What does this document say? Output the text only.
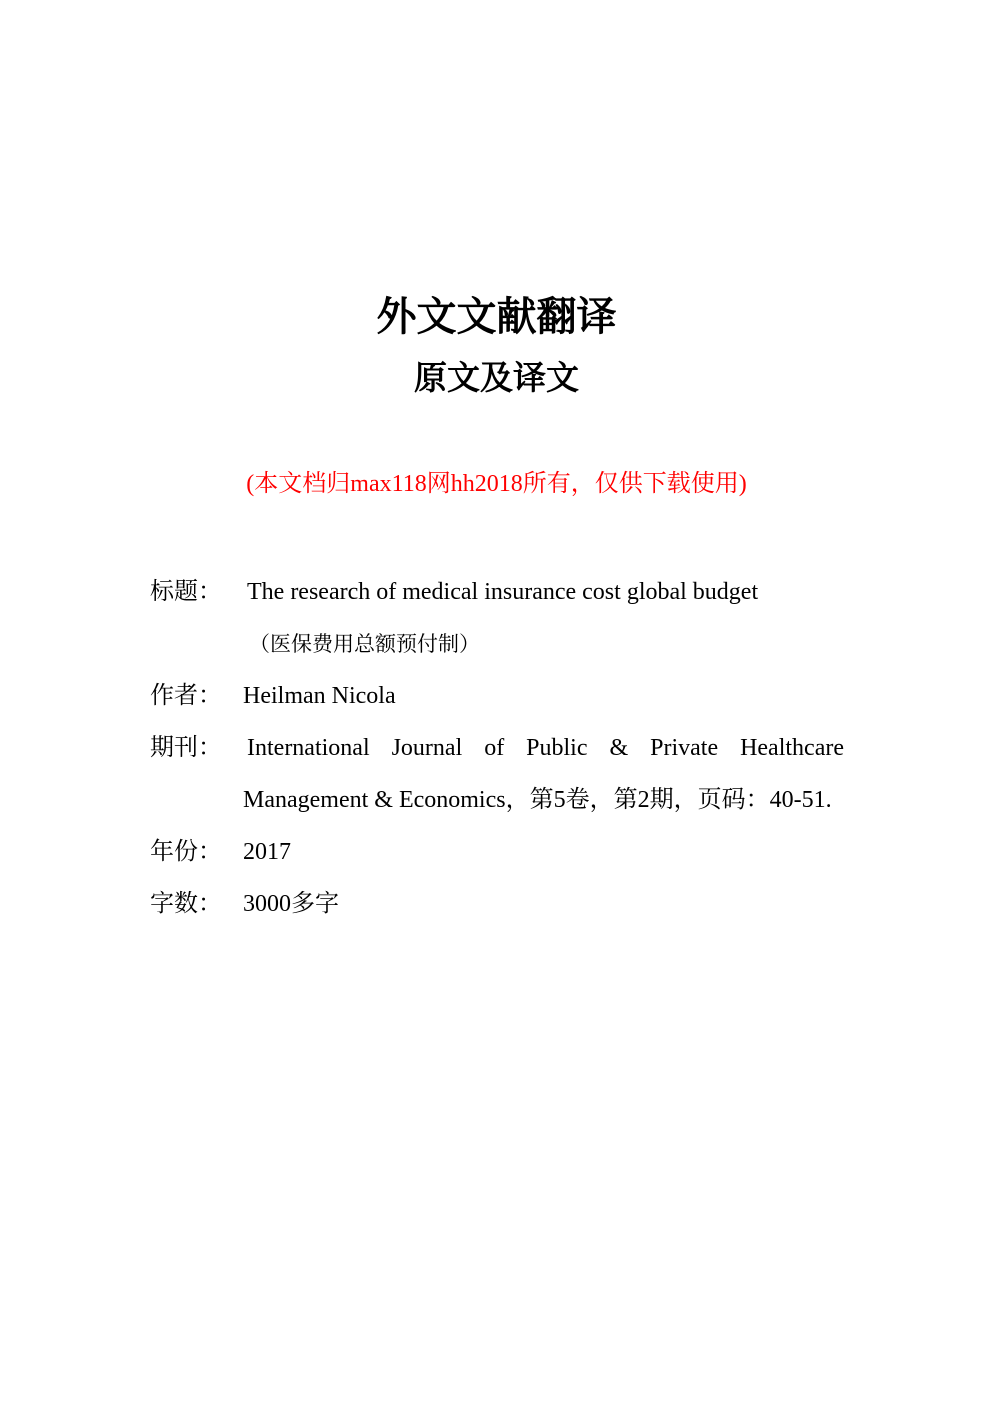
外文文献翻译
原文及译文

(本文档归max118网hh2018所有，仅供下载使用)

标题：	The research of medical insurance cost global budget
（医保费用总额预付制）
作者： Heilman Nicola
期刊：	International Journal of Public & Private Healthcare Management & Economics，第5卷，第2期，页码：40-51.
年份： 2017
字数： 3000多字
